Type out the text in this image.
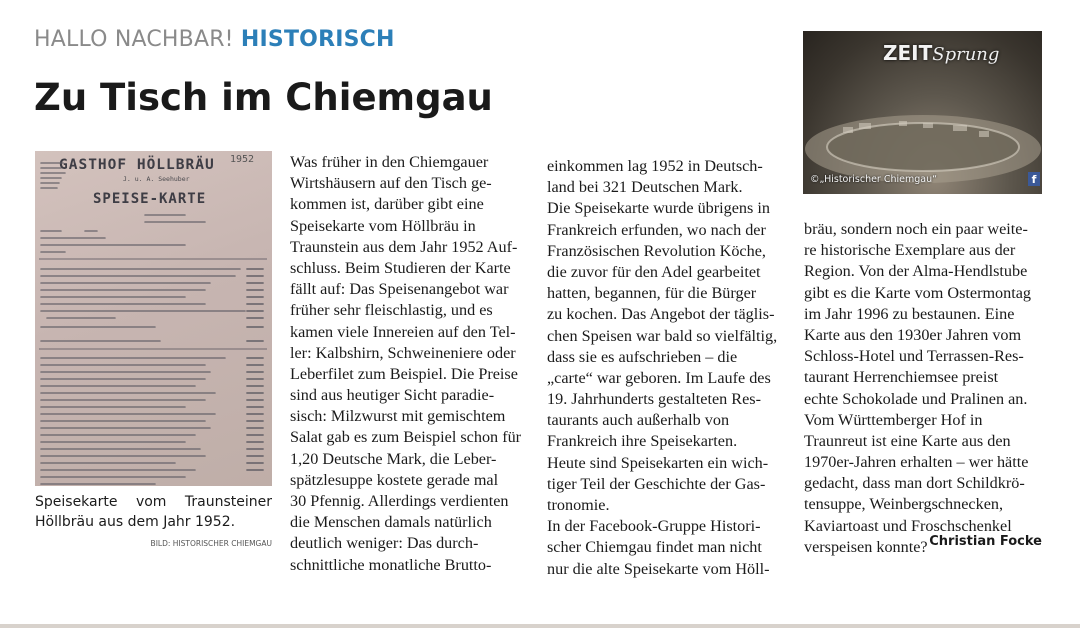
HALLO NACHBAR! HISTORISCH
Zu Tisch im Chiemgau
GASTHOF HÖLLBRÄU 1952
J. u. A. Seehuber
SPEISE-KARTE
Speisekarte vom Traunsteiner
Höllbräu aus dem Jahr 1952.
BILD: HISTORISCHER CHIEMGAU
Was früher in den Chiemgauer
Wirtshäusern auf den Tisch ge-
kommen ist, darüber gibt eine
Speisekarte vom Höllbräu in
Traunstein aus dem Jahr 1952 Auf-
schluss. Beim Studieren der Karte
fällt auf: Das Speisenangebot war
früher sehr fleischlastig, und es
kamen viele Innereien auf den Tel-
ler: Kalbshirn, Schweineniere oder
Leberfilet zum Beispiel. Die Preise
sind aus heutiger Sicht paradie-
sisch: Milzwurst mit gemischtem
Salat gab es zum Beispiel schon für
1,20 Deutsche Mark, die Leber-
spätzlesuppe kostete gerade mal
30 Pfennig. Allerdings verdienten
die Menschen damals natürlich
deutlich weniger: Das durch-
schnittliche monatliche Brutto-
einkommen lag 1952 in Deutsch-
land bei 321 Deutschen Mark.
Die Speisekarte wurde übrigens in
Frankreich erfunden, wo nach der
Französischen Revolution Köche,
die zuvor für den Adel gearbeitet
hatten, begannen, für die Bürger
zu kochen. Das Angebot der täglis-
chen Speisen war bald so vielfältig,
dass sie es aufschrieben – die
„carte“ war geboren. Im Laufe des
19. Jahrhunderts gestalteten Res-
taurants auch außerhalb von
Frankreich ihre Speisekarten.
Heute sind Speisekarten ein wich-
tiger Teil der Geschichte der Gas-
tronomie.
In der Facebook-Gruppe Histori-
scher Chiemgau findet man nicht
nur die alte Speisekarte vom Höll-
bräu, sondern noch ein paar weite-
re historische Exemplare aus der
Region. Von der Alma-Hendlstube
gibt es die Karte vom Ostermontag
im Jahr 1996 zu bestaunen. Eine
Karte aus den 1930er Jahren vom
Schloss-Hotel und Terrassen-Res-
taurant Herrenchiemsee preist
echte Schokolade und Pralinen an.
Vom Württemberger Hof in
Traunreut ist eine Karte aus den
1970er-Jahren erhalten – wer hätte
gedacht, dass man dort Schildkrö-
tensuppe, Weinbergschnecken,
Kaviartoast und Froschschenkel
verspeisen konnte?
ZEITSprung
©„Historischer Chiemgau“	f
Christian Focke
